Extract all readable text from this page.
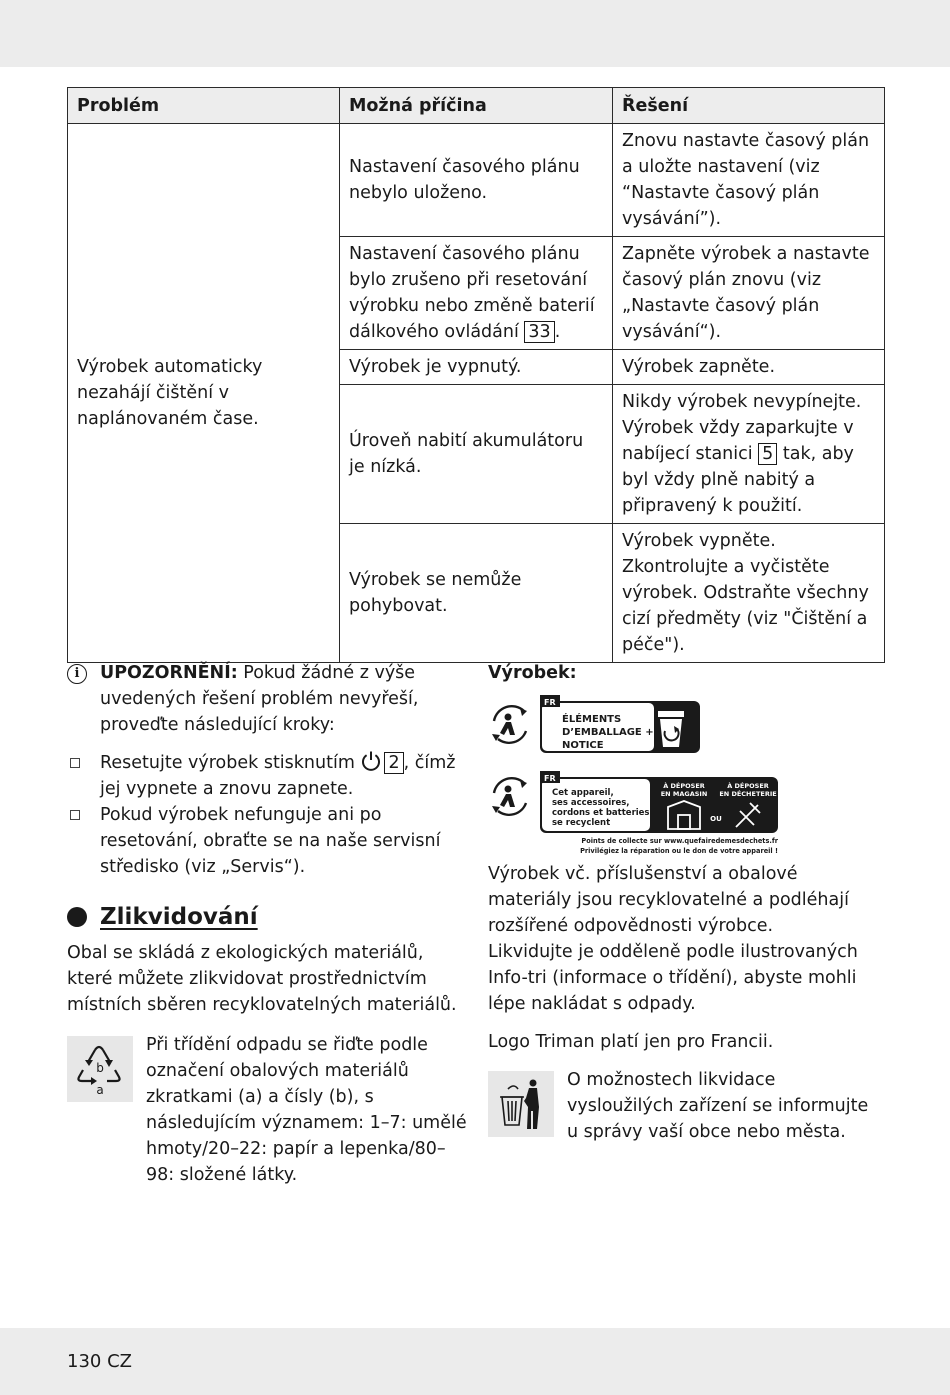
Problém	Možná příčina	Řešení
Výrobek automaticky nezahájí čištění v naplánovaném čase.	Nastavení časového plánu nebylo uloženo.	Znovu nastavte časový plán a uložte nastavení (viz “Nastavte časový plán vysávání”).
	Nastavení časového plánu bylo zrušeno při resetování výrobku nebo změně baterií dálkového ovládání 33 .	Zapněte výrobek a nastavte časový plán znovu (viz „Nastavte časový plán vysávání“).
	Výrobek je vypnutý.	Výrobek zapněte.
	Úroveň nabití akumulátoru je nízká.	Nikdy výrobek nevypínejte. Výrobek vždy zaparkujte v nabíjecí stanici 5 tak, aby byl vždy plně nabitý a připravený k použití.
	Výrobek se nemůže pohybovat.	Výrobek vypněte. Zkontrolujte a vyčistěte výrobek. Odstraňte všechny cizí předměty (viz "Čištění a péče").
i	UPOZORNĚNÍ: Pokud žádné z výše uvedených řešení problém nevyřeší, proveďte následující kroky:
Resetujte výrobek stisknutím 2 , čímž jej vypnete a znovu zapnete.
Pokud výrobek nefunguje ani po resetování, obraťte se na naše servisní středisko (viz „Servis“).
Zlikvidování

Obal se skládá z ekologických materiálů, které můžete zlikvidovat prostřednictvím místních sběren recyklovatelných materiálů.

b
a

Při třídění odpadu se řiďte podle označení obalových materiálů zkratkami (a) a čísly (b), s následujícím významem: 1–7: umělé hmoty/20–22: papír a lepenka/80–98: složené látky.

Výrobek:
FR
ÉLÉMENTS
D’EMBALLAGE +
NOTICE
FR
Cet appareil,
ses accessoires,
cordons et batteries
se recyclent
À DÉPOSER
EN MAGASIN
À DÉPOSER
EN DÉCHETERIE
OU
Points de collecte sur www.quefairedemesdechets.fr
Privilégiez la réparation ou le don de votre appareil !

Výrobek vč. příslušenství a obalové materiály jsou recyklovatelné a podléhají rozšířené odpovědnosti výrobce.

Likvidujte je odděleně podle ilustrovaných Info-tri (informace o třídění), abyste mohli lépe nakládat s odpady.

Logo Triman platí jen pro Francii.

O možnostech likvidace vysloužilých zařízení se informujte u správy vaší obce nebo města.

130 CZ
